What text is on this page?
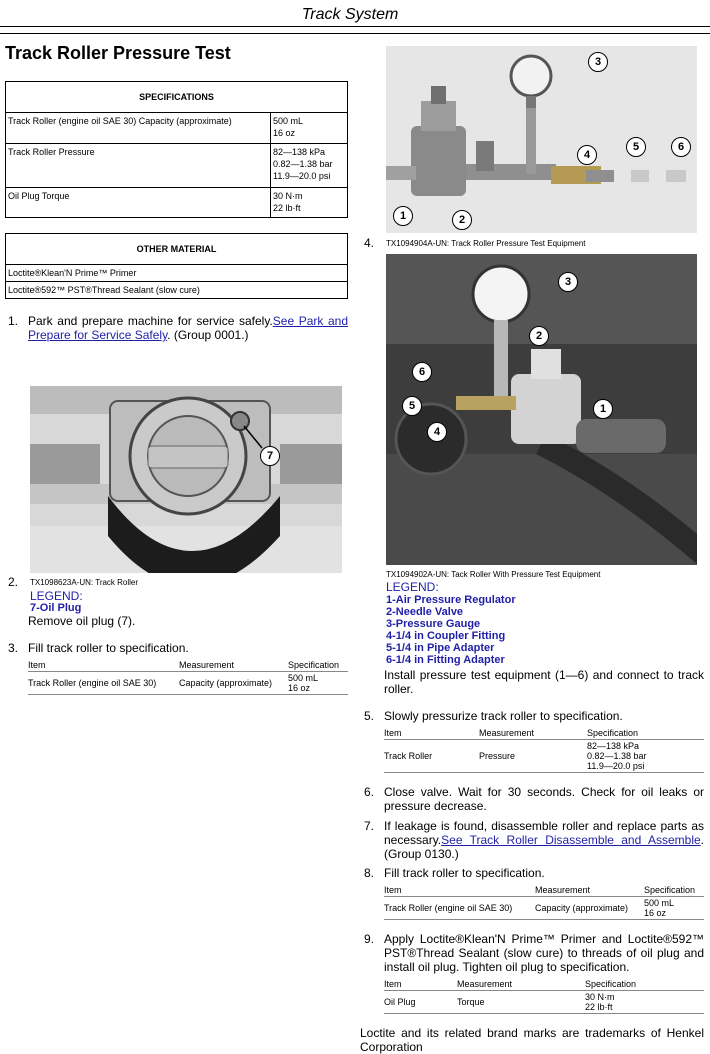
Track System
Track Roller Pressure Test
SPECIFICATIONS	
Track Roller (engine oil SAE 30) Capacity (approximate)	500 mL
16 oz

Track Roller Pressure	82—138 kPa
0.82—1.38 bar
11.9—20.0 psi

Oil Plug Torque	30 N·m
22 lb·ft
OTHER MATERIAL
Loctite®Klean'N Prime™ Primer
Loctite®592™ PST®Thread Sealant (slow cure)
1. Park and prepare machine for service safely.See Park and Prepare for Service Safely. (Group 0001.)
7
2. TX1098623A-UN: Track Roller
LEGEND:
7-Oil Plug
Remove oil plug (7).
3. Fill track roller to specification.
Item	Measurement	Specification
Track Roller (engine oil SAE 30)	Capacity (approximate)	500 mL
16 oz
3
4
5	6
1	2
4. TX1094904A-UN: Track Roller Pressure Test Equipment
3
2
6
5
4
1
TX1094902A-UN: Tack Roller With Pressure Test Equipment
LEGEND:
1-Air Pressure Regulator
2-Needle Valve
3-Pressure Gauge
4-1/4 in Coupler Fitting
5-1/4 in Pipe Adapter
6-1/4 in Fitting Adapter
Install pressure test equipment (1—6) and connect to track roller.
5. Slowly pressurize track roller to specification.
Item	Measurement	Specification
Track Roller	Pressure	82—138 kPa
0.82—1.38 bar
11.9—20.0 psi
6. Close valve. Wait for 30 seconds. Check for oil leaks or pressure decrease.
7. If leakage is found, disassemble roller and replace parts as necessary.See Track Roller Disassemble and Assemble. (Group 0130.)
8. Fill track roller to specification.
Item	Measurement	Specification
Track Roller (engine oil SAE 30)	Capacity (approximate)	500 mL
16 oz
9. Apply Loctite®Klean'N Prime™ Primer and Loctite®592™ PST®Thread Sealant (slow cure) to threads of oil plug and install oil plug. Tighten oil plug to specification.
Item	Measurement	Specification
Oil Plug	Torque	30 N·m
22 lb·ft
Loctite and its related brand marks are trademarks of Henkel Corporation
